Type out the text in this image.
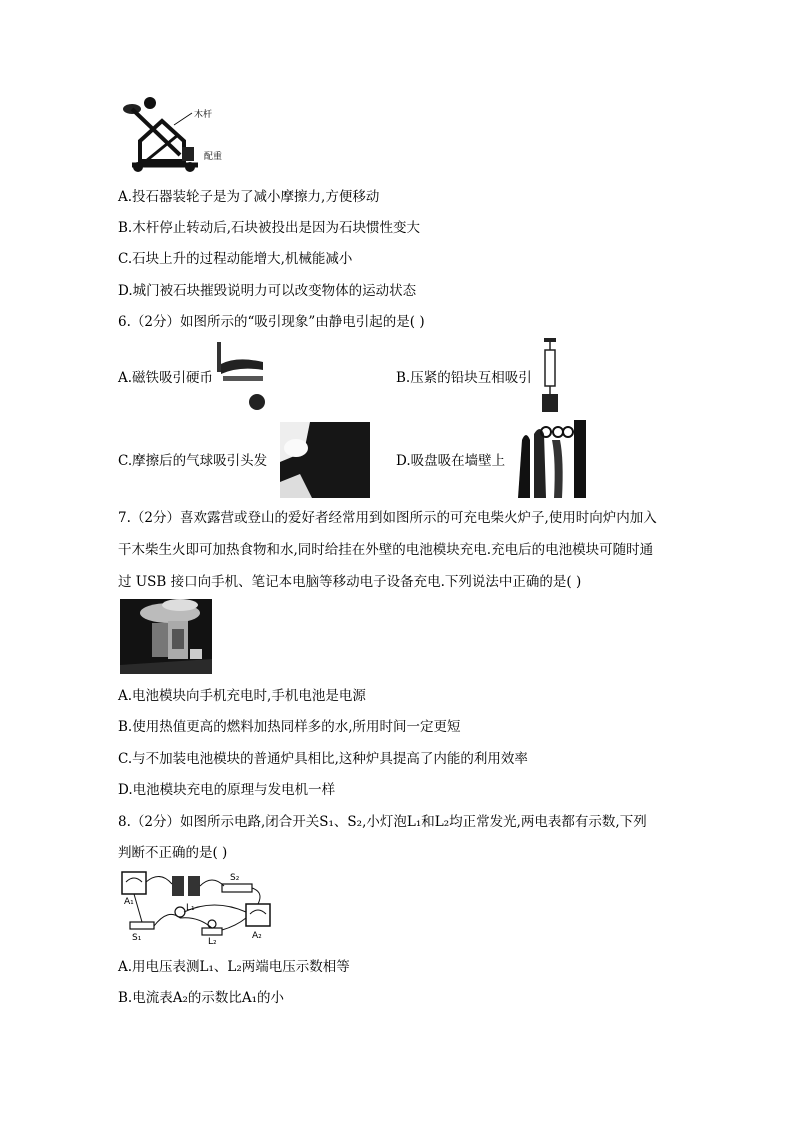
木杆
配重
A.投石器装轮子是为了减小摩擦力,方便移动
B.木杆停止转动后,石块被投出是因为石块惯性变大
C.石块上升的过程动能增大,机械能减小
D.城门被石块摧毁说明力可以改变物体的运动状态
6.（2分）如图所示的“吸引现象”由静电引起的是( )
A.磁铁吸引硬币	B.压紧的铅块互相吸引
C.摩擦后的气球吸引头发	D.吸盘吸在墙壁上
7.（2分）喜欢露营或登山的爱好者经常用到如图所示的可充电柴火炉子,使用时向炉内加入
干木柴生火即可加热食物和水,同时给挂在外壁的电池模块充电.充电后的电池模块可随时通
过 USB 接口向手机、笔记本电脑等移动电子设备充电.下列说法中正确的是( )
A.电池模块向手机充电时,手机电池是电源
B.使用热值更高的燃料加热同样多的水,所用时间一定更短
C.与不加装电池模块的普通炉具相比,这种炉具提高了内能的利用效率
D.电池模块充电的原理与发电机一样
8.（2分）如图所示电路,闭合开关S₁、S₂,小灯泡L₁和L₂均正常发光,两电表都有示数,下列
判断不正确的是( )
A₁
S₂
L₁
S₁	L₂
A₂
A.用电压表测L₁、L₂两端电压示数相等
B.电流表A₂的示数比A₁的小
